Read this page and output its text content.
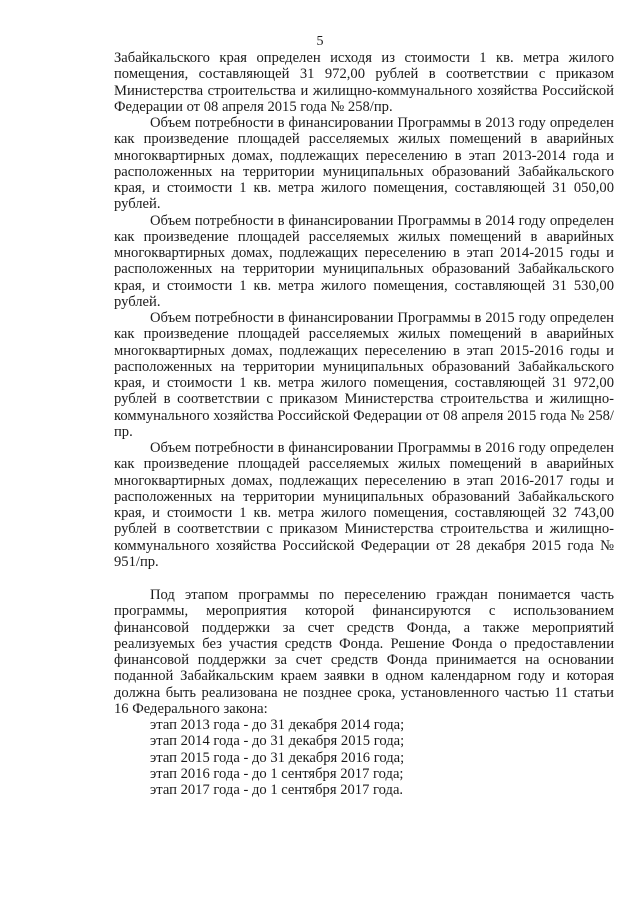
5

Забайкальского края определен исходя из стоимости 1 кв. метра жилого помещения, составляющей 31 972,00 рублей в соответствии с приказом Министерства строительства и жилищно-коммунального хозяйства Российской Федерации от 08 апреля 2015 года № 258/пр.

Объем потребности в финансировании Программы в 2013 году определен как произведение площадей расселяемых жилых помещений в аварийных многоквартирных домах, подлежащих переселению в этап 2013-2014 года и расположенных на территории муниципальных образований Забайкальского края, и стоимости 1 кв. метра жилого помещения, составляющей 31 050,00 рублей.

Объем потребности в финансировании Программы в 2014 году определен как произведение площадей расселяемых жилых помещений в аварийных многоквартирных домах, подлежащих переселению в этап 2014-2015 годы и расположенных на территории муниципальных образований Забайкальского края, и стоимости 1 кв. метра жилого помещения, составляющей 31 530,00 рублей.

Объем потребности в финансировании Программы в 2015 году определен как произведение площадей расселяемых жилых помещений в аварийных многоквартирных домах, подлежащих переселению в этап 2015-2016 годы и расположенных на территории муниципальных образований Забайкальского края, и стоимости 1 кв. метра жилого помещения, составляющей 31 972,00 рублей в соответствии с приказом Министерства строительства и жилищно-коммунального хозяйства Российской Федерации от 08 апреля 2015 года № 258/пр.

Объем потребности в финансировании Программы в 2016 году определен как произведение площадей расселяемых жилых помещений в аварийных многоквартирных домах, подлежащих переселению в этап 2016-2017 годы и расположенных на территории муниципальных образований Забайкальского края, и стоимости 1 кв. метра жилого помещения, составляющей 32 743,00 рублей в соответствии с приказом Министерства строительства и жилищно-коммунального хозяйства Российской Федерации от 28 декабря 2015 года № 951/пр.

Под этапом программы по переселению граждан понимается часть программы, мероприятия которой финансируются с использованием финансовой поддержки за счет средств Фонда, а также мероприятий реализуемых без участия средств Фонда. Решение Фонда о предоставлении финансовой поддержки за счет средств Фонда принимается на основании поданной Забайкальским краем заявки в одном календарном году и которая должна быть реализована не позднее срока, установленного частью 11 статьи 16 Федерального закона:

этап 2013 года - до 31 декабря 2014 года;
этап 2014 года - до 31 декабря 2015 года;
этап 2015 года - до 31 декабря 2016 года;
этап 2016 года - до 1 сентября 2017 года;
этап 2017 года - до 1 сентября 2017 года.
